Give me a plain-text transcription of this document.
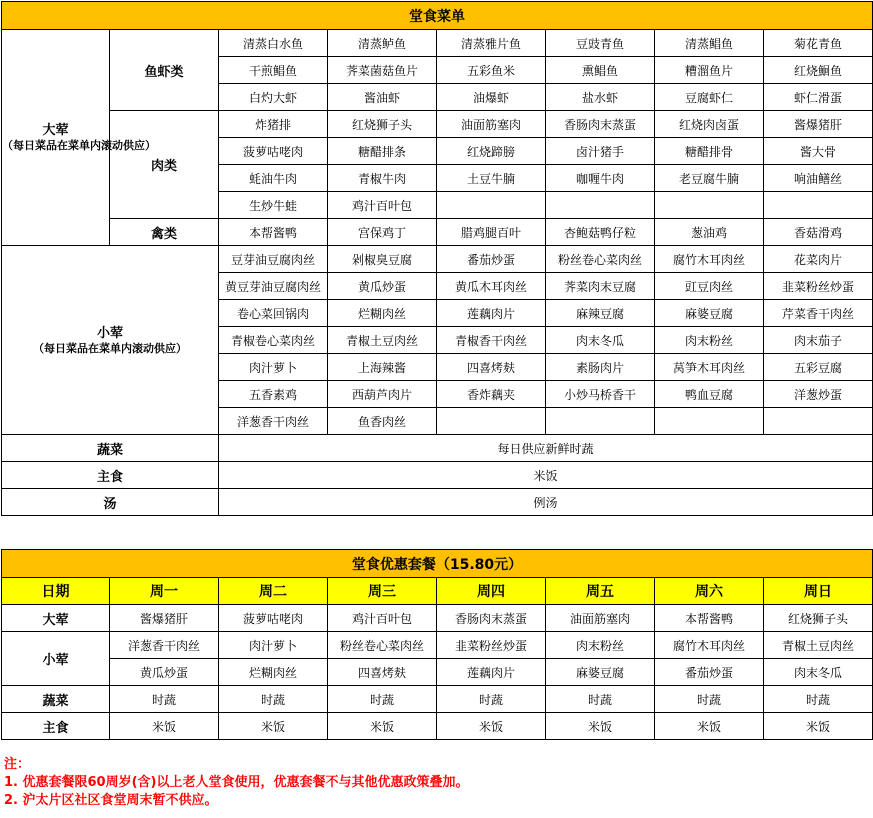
堂食菜单							

大荤
（每日菜品在菜单内滚动供应）	鱼虾类	清蒸白水鱼	清蒸鲈鱼	清蒸雅片鱼	豆豉青鱼	清蒸鲳鱼	菊花青鱼
		干煎鲳鱼	荠菜菌菇鱼片	五彩鱼米	熏鲳鱼	糟溜鱼片	红烧鮰鱼
		白灼大虾	酱油虾	油爆虾	盐水虾	豆腐虾仁	虾仁滑蛋
	肉类	炸猪排	红烧狮子头	油面筋塞肉	香肠肉末蒸蛋	红烧肉卤蛋	酱爆猪肝
		菠萝咕咾肉	糖醋排条	红烧蹄膀	卤汁猪手	糖醋排骨	酱大骨
		蚝油牛肉	青椒牛肉	土豆牛腩	咖喱牛肉	老豆腐牛腩	响油鳝丝
		生炒牛蛙	鸡汁百叶包				
	禽类	本帮酱鸭	宫保鸡丁	腊鸡腿百叶	杏鲍菇鸭仔粒	葱油鸡	香菇滑鸡

小荤
（每日菜品在菜单内滚动供应）		豆芽油豆腐肉丝	剁椒臭豆腐	番茄炒蛋	粉丝卷心菜肉丝	腐竹木耳肉丝	花菜肉片
		黄豆芽油豆腐肉丝	黄瓜炒蛋	黄瓜木耳肉丝	荠菜肉末豆腐	豇豆肉丝	韭菜粉丝炒蛋
		卷心菜回锅肉	烂糊肉丝	莲藕肉片	麻辣豆腐	麻婆豆腐	芹菜香干肉丝
		青椒卷心菜肉丝	青椒土豆肉丝	青椒香干肉丝	肉末冬瓜	肉末粉丝	肉末茄子
		肉汁萝卜	上海辣酱	四喜烤麸	素肠肉片	莴笋木耳肉丝	五彩豆腐
		五香素鸡	西葫芦肉片	香炸藕夹	小炒马桥香干	鸭血豆腐	洋葱炒蛋
		洋葱香干肉丝	鱼香肉丝				
蔬菜		每日供应新鲜时蔬					
主食		米饭					
汤		例汤					
堂食优惠套餐（15.80元）							
日期	周一	周二	周三	周四	周五	周六	周日
大荤	酱爆猪肝	菠萝咕咾肉	鸡汁百叶包	香肠肉末蒸蛋	油面筋塞肉	本帮酱鸭	红烧狮子头
小荤	洋葱香干肉丝	肉汁萝卜	粉丝卷心菜肉丝	韭菜粉丝炒蛋	肉末粉丝	腐竹木耳肉丝	青椒土豆肉丝
	黄瓜炒蛋	烂糊肉丝	四喜烤麸	莲藕肉片	麻婆豆腐	番茄炒蛋	肉末冬瓜
蔬菜	时蔬	时蔬	时蔬	时蔬	时蔬	时蔬	时蔬
主食	米饭	米饭	米饭	米饭	米饭	米饭	米饭
注：
1. 优惠套餐限60周岁(含)以上老人堂食使用，优惠套餐不与其他优惠政策叠加。
2. 沪太片区社区食堂周末暂不供应。
